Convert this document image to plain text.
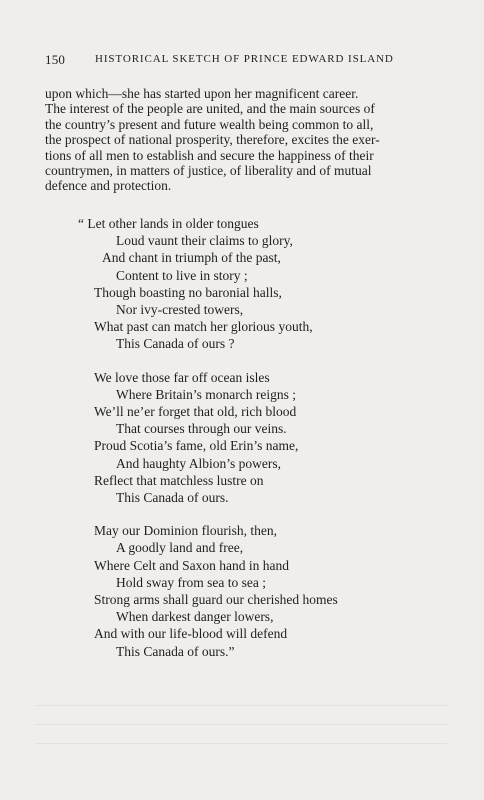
150	HISTORICAL SKETCH OF PRINCE EDWARD ISLAND
upon which—she has started upon her magnificent career.
The interest of the people are united, and the main sources of
the country’s present and future wealth being common to all,
the prospect of national prosperity, therefore, excites the exer-
tions of all men to establish and secure the happiness of their
countrymen, in matters of justice, of liberality and of mutual
defence and protection.
“ Let other lands in older tongues
Loud vaunt their claims to glory,
And chant in triumph of the past,
Content to live in story ;
Though boasting no baronial halls,
Nor ivy-crested towers,
What past can match her glorious youth,
This Canada of ours ?
We love those far off ocean isles
Where Britain’s monarch reigns ;
We’ll ne’er forget that old, rich blood
That courses through our veins.
Proud Scotia’s fame, old Erin’s name,
And haughty Albion’s powers,
Reflect that matchless lustre on
This Canada of ours.
May our Dominion flourish, then,
A goodly land and free,
Where Celt and Saxon hand in hand
Hold sway from sea to sea ;
Strong arms shall guard our cherished homes
When darkest danger lowers,
And with our life-blood will defend
This Canada of ours.”
